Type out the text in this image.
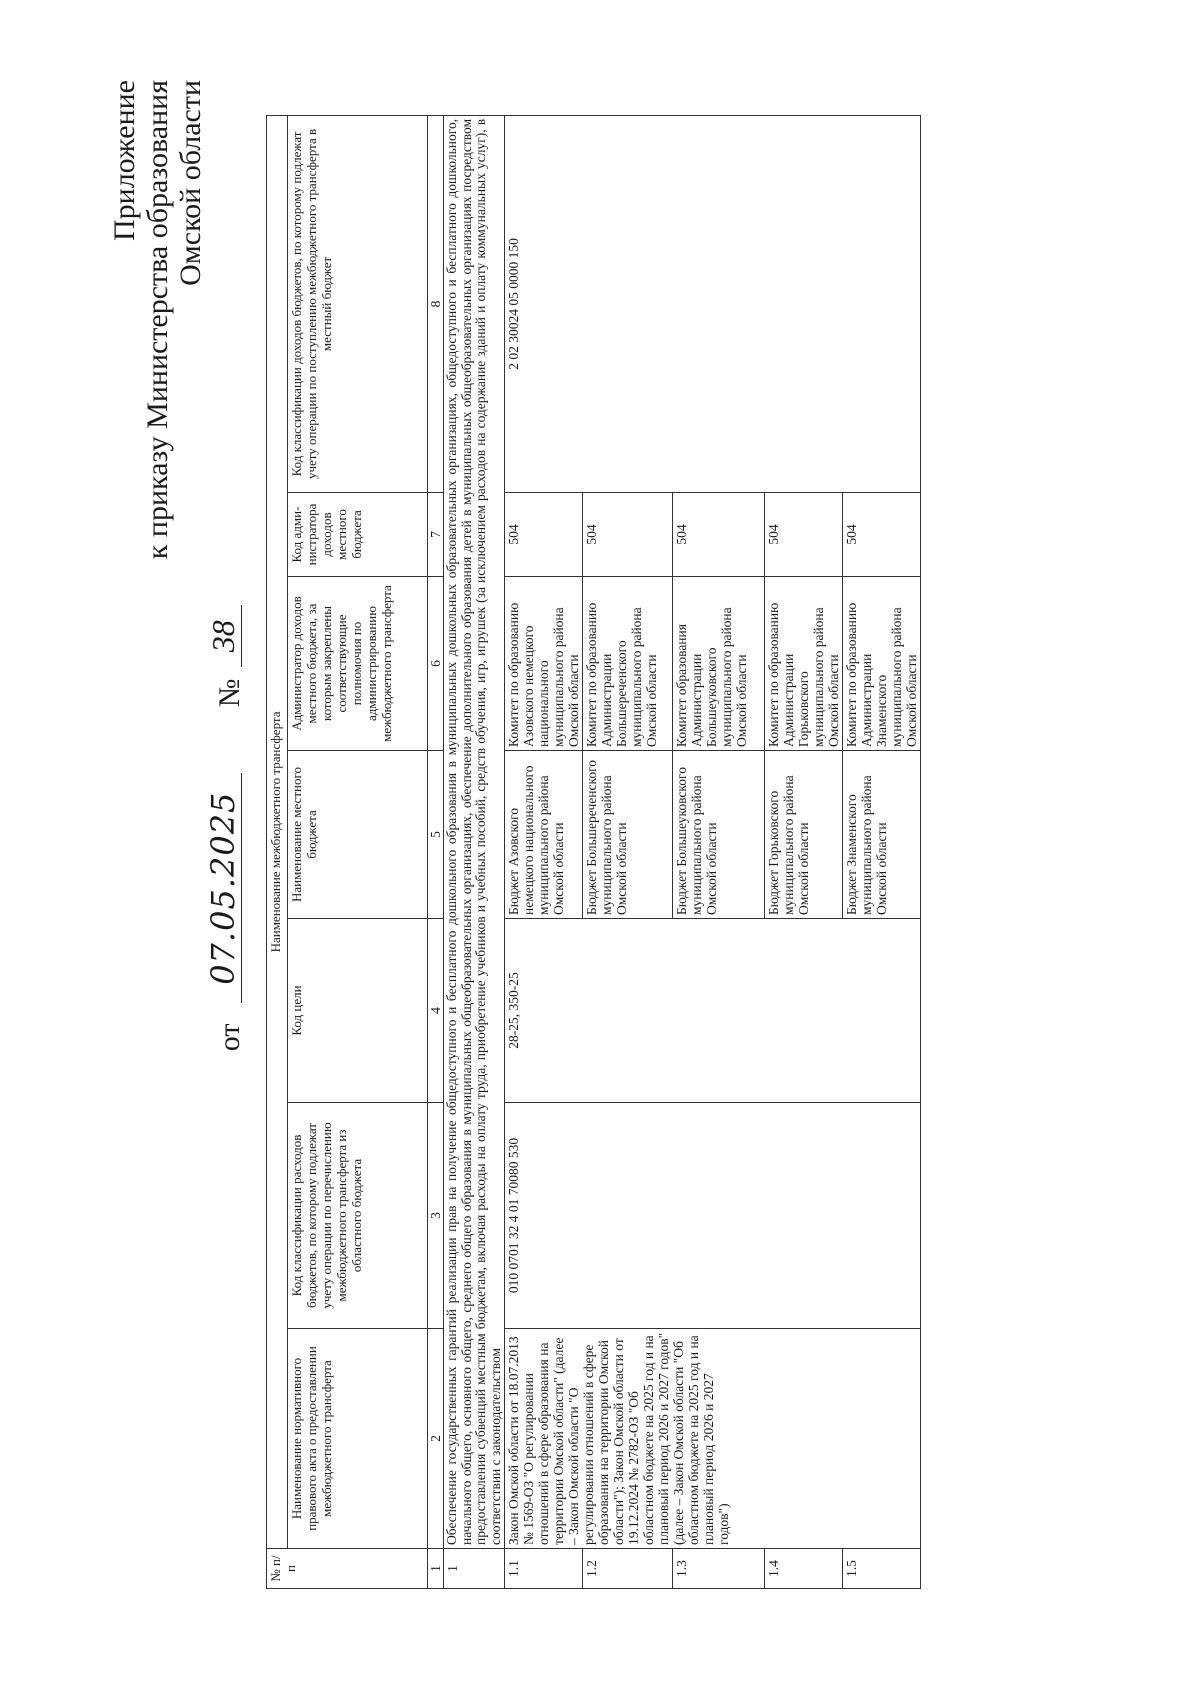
Приложение к приказу Министерства образования Омской области
от
07.05.2025
№
38
№ п/п	Наименование межбюджетного трансферта						
	Наименование нормативного правового акта о предоставлении межбюджетного трансферта	Код классификации расходов бюджетов, по которому подлежат учету операции по перечислению межбюджетного трансферта из областного бюджета	Код цели	Наименование местного бюджета	Администратор доходов местного бюджета, за которым закреплены соответствующие полномочия по администрированию межбюджетного трансферта	Код адми-нистратора доходов местного бюджета	Код классификации доходов бюджетов, по которому подлежат учету операции по поступлению межбюджетного трансферта в местный бюджет
1	2	3	4	5	6	7	8
1	Обеспечение государственных гарантий реализации прав на получение общедоступного и бесплатного дошкольного образования в муниципальных дошкольных образовательных организациях, общедоступного и бесплатного дошкольного, начального общего, основного общего, среднего общего образования в муниципальных общеобразовательных организациях, обеспечение дополнительного образования детей в муниципальных общеобразовательных организациях посредством предоставления субвенций местным бюджетам, включая расходы на оплату труда, приобретение учебников и учебных пособий, средств обучения, игр, игрушек (за исключением расходов на содержание зданий и оплату коммунальных услуг), в соответствии с законодательством						
1.1	Закон Омской области от 18.07.2013 № 1569-ОЗ "О регулировании отношений в сфере образования на территории Омской области" (далее – Закон Омской области "О регулировании отношений в сфере образования на территории Омской области"); Закон Омской области от 19.12.2024 № 2782-ОЗ "Об областном бюджете на 2025 год и на плановый период 2026 и 2027 годов" (далее – Закон Омской области "Об областном бюджете на 2025 год и на плановый период 2026 и 2027 годов")	010 0701 32 4 01 70080 530	28-25, 350-25	Бюджет Азовского немецкого национального муниципального района Омской области	Комитет по образованию Азовского немецкого национального муниципального района Омской области	504	2 02 30024 05 0000 150
1.2				Бюджет Большереченского муниципального района Омской области	Комитет по образованию Администрации Большереченского муниципального района Омской области	504	
1.3				Бюджет Большеуковского муниципального района Омской области	Комитет образования Администрации Большеуковского муниципального района Омской области	504	
1.4				Бюджет Горьковского муниципального района Омской области	Комитет по образованию Администрации Горьковского муниципального района Омской области	504	
1.5				Бюджет Знаменского муниципального района Омской области	Комитет по образованию Администрации Знаменского муниципального района Омской области	504	
